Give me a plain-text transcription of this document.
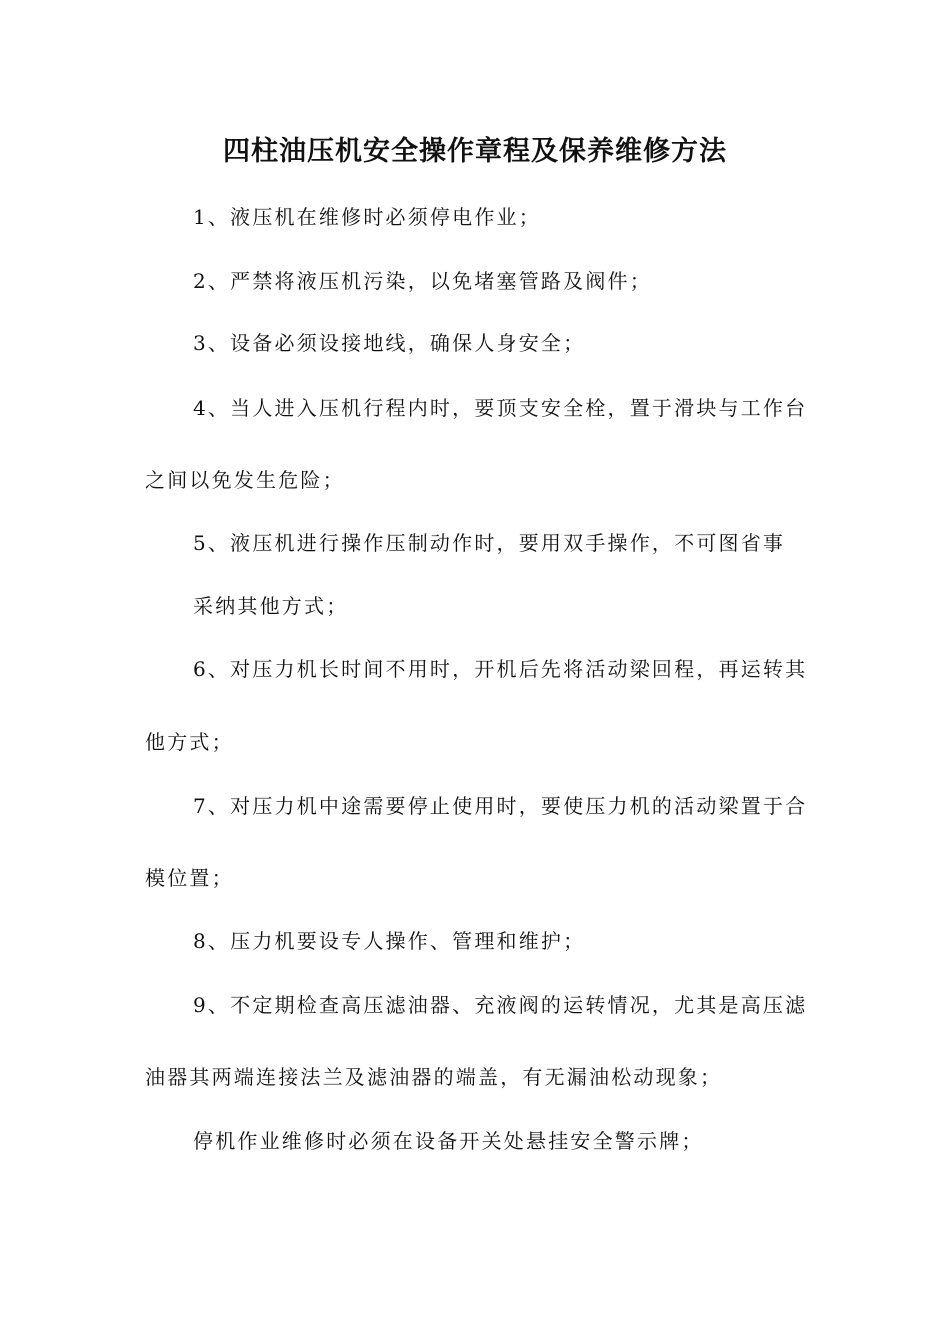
四柱油压机安全操作章程及保养维修方法

1、液压机在维修时必须停电作业；

2、严禁将液压机污染，以免堵塞管路及阀件；

3、设备必须设接地线，确保人身安全；

4、当人进入压机行程内时，要顶支安全栓，置于滑块与工作台

之间以免发生危险；

5、液压机进行操作压制动作时，要用双手操作，不可图省事

采纳其他方式；

6、对压力机长时间不用时，开机后先将活动梁回程，再运转其

他方式；

7、对压力机中途需要停止使用时，要使压力机的活动梁置于合

模位置；

8、压力机要设专人操作、管理和维护；

9、不定期检查高压滤油器、充液阀的运转情况，尤其是高压滤

油器其两端连接法兰及滤油器的端盖，有无漏油松动现象；

停机作业维修时必须在设备开关处悬挂安全警示牌；
